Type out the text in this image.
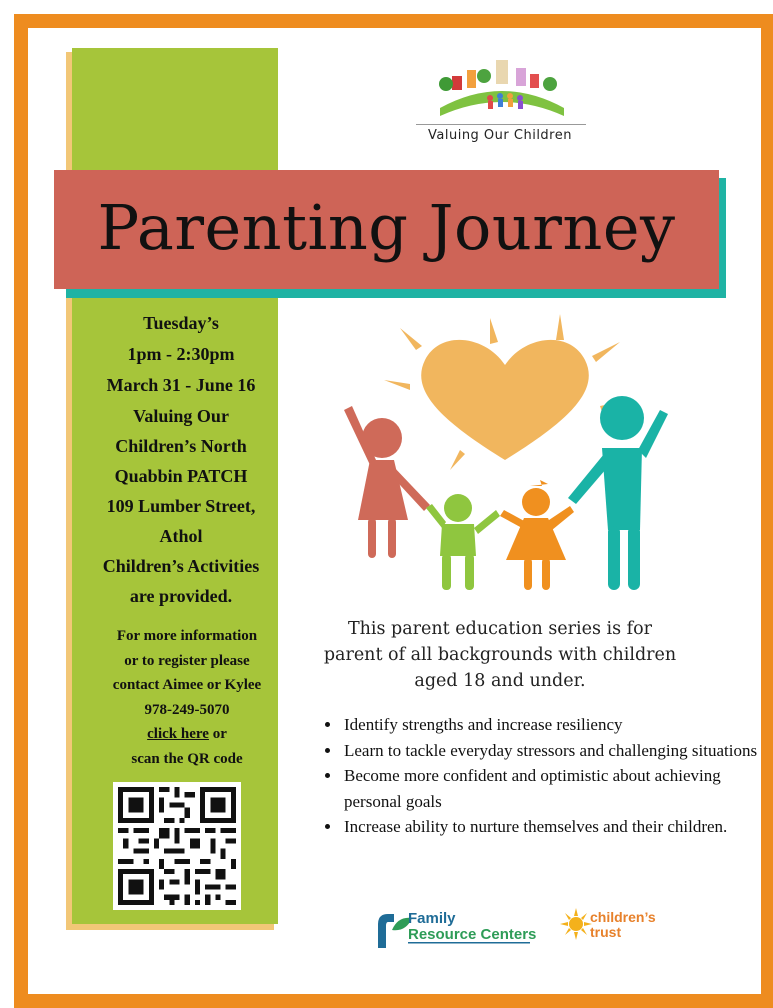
Tuesday’s

1pm - 2:30pm

March 31 - June 16

Valuing Our

Children’s North

Quabbin PATCH

109 Lumber Street,

Athol

Children’s Activities

are provided.

For more information
or to register please
contact Aimee or Kylee
978-249-5070
click here or
scan the QR code
Valuing Our Children
Parenting Journey
This parent education series is for parent of all backgrounds with children aged 18 and under.
• Identify strengths and increase resiliency
• Learn to tackle everyday stressors and challenging situations
• Become more confident and optimistic about achieving personal goals
• Increase ability to nurture themselves and their children.
Family
Resource Centers
children’s
trust
